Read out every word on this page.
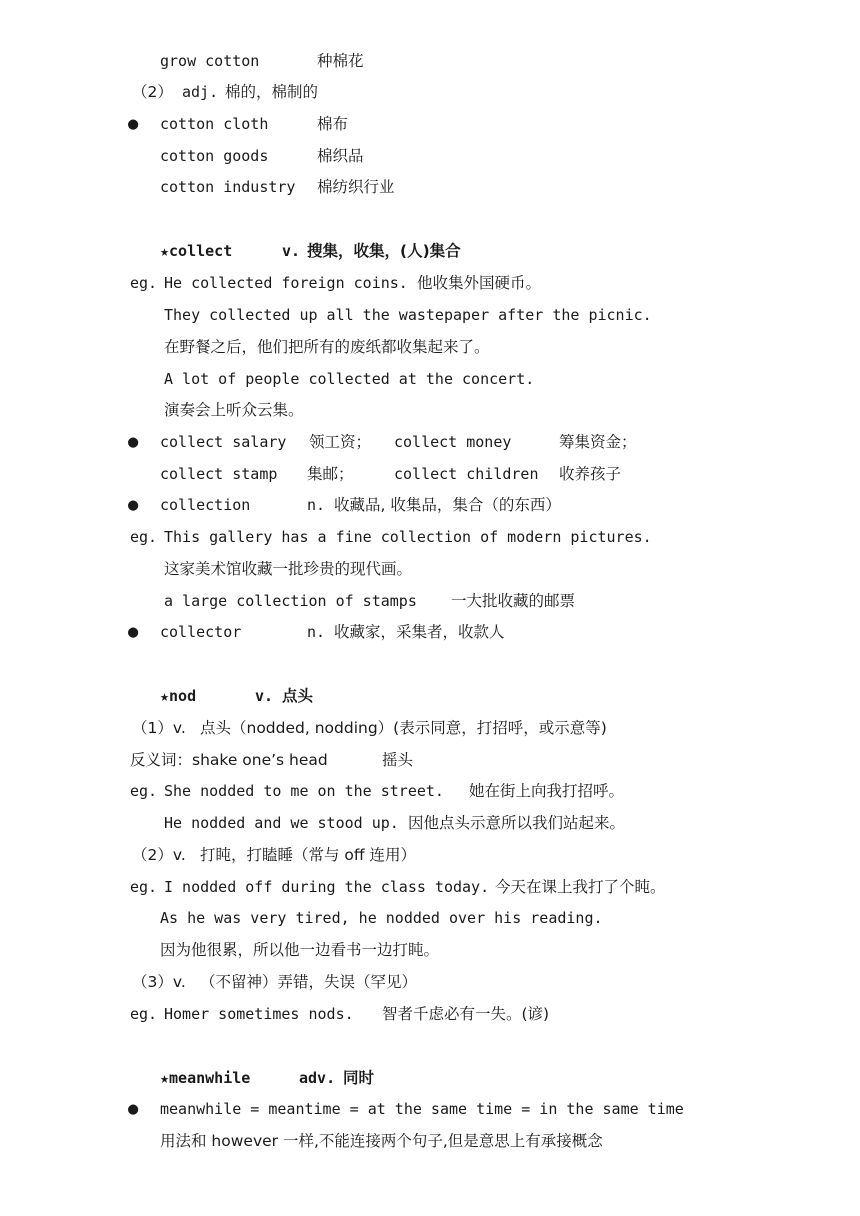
grow cotton	种棉花
（2） adj. 棉的，棉制的
● cotton cloth	棉布
cotton goods	棉织品
cotton industry 棉纺织行业
★collect	v. 搜集，收集，(人)集合
eg. He collected foreign coins. 他收集外国硬币。
They collected up all the wastepaper after the picnic.
在野餐之后，他们把所有的废纸都收集起来了。
A lot of people collected at the concert.
演奏会上听众云集。
● collect salary 领工资； collect money	筹集资金；
collect stamp 集邮；	collect children 收养孩子
● collection	n. 收藏品, 收集品，集合（的东西）
eg. This gallery has a fine collection of modern pictures.
这家美术馆收藏一批珍贵的现代画。
a large collection of stamps 一大批收藏的邮票
● collector	n. 收藏家，采集者，收款人
★nod	v. 点头
（1）v. 点头（nodded, nodding）(表示同意，打招呼，或示意等)
反义词：shake one’s head	摇头
eg. She nodded to me on the street. 她在街上向我打招呼。
He nodded and we stood up. 因他点头示意所以我们站起来。
（2）v. 打盹，打瞌睡（常与 off 连用）
eg. I nodded off during the class today. 今天在课上我打了个盹。
As he was very tired, he nodded over his reading.
因为他很累，所以他一边看书一边打盹。
（3）v. （不留神）弄错，失误（罕见）
eg. Homer sometimes nods. 智者千虑必有一失。(谚)
★meanwhile	adv. 同时
● meanwhile = meantime = at the same time = in the same time
用法和 however 一样,不能连接两个句子,但是意思上有承接概念
